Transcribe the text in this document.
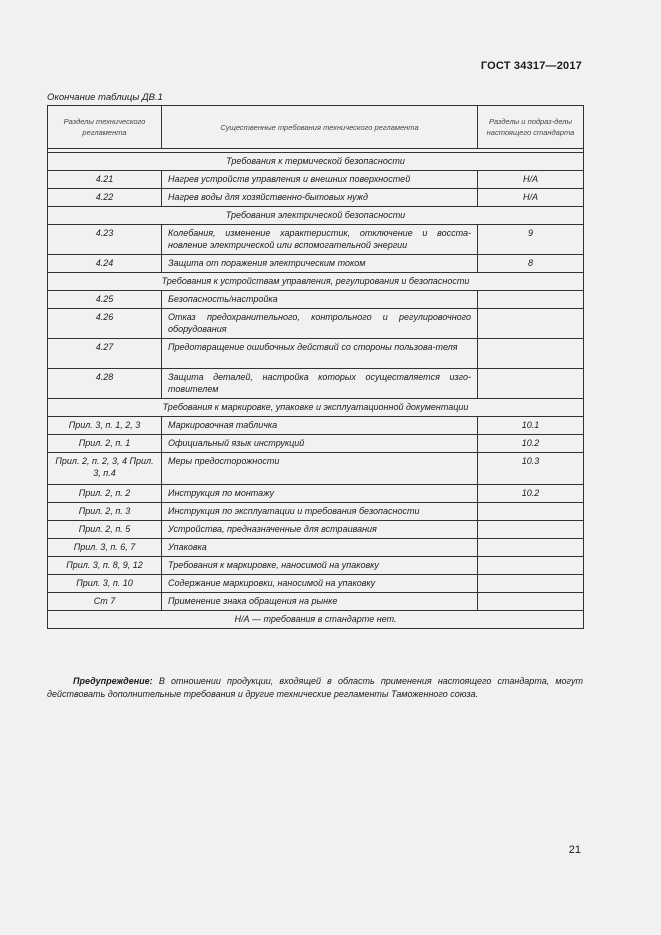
ГОСТ 34317—2017
Окончание таблицы ДВ.1
Разделы технического регламента	Существенные требования технического регламента	Разделы и подраз-делы настоящего стандарта

Требования к термической безопасности		
4.21	Нагрев устройств управления и внешних поверхностей	Н/А
4.22	Нагрев воды для хозяйственно-бытовых нужд	Н/А
Требования электрической безопасности		
4.23	Колебания, изменение характеристик, отключение и восста-новление электрической или вспомогательной энергии	9
4.24	Защита от поражения электрическим током	8
Требования к устройствам управления, регулирования и безопасности		
4.25	Безопасность/настройка	
4.26	Отказ предохранительного, контрольного и регулировочного оборудования	
4.27	Предотвращение ошибочных действий со стороны пользова-теля	
4.28	Защита деталей, настройка которых осуществляется изго-товителем	
Требования к маркировке, упаковке и эксплуатационной документации		
Прил. 3, п. 1, 2, 3	Маркировочная табличка	10.1
Прил. 2, п. 1	Официальный язык инструкций	10.2
Прил. 2, п. 2, 3, 4 Прил. 3, п.4	Меры предосторожности	10.3
Прил. 2, п. 2	Инструкция по монтажу	10.2
Прил. 2, п. 3	Инструкция по эксплуатации и требования безопасности	
Прил. 2, п. 5	Устройства, предназначенные для встраивания	
Прил. 3, п. 6, 7	Упаковка	
Прил. 3, п. 8, 9, 12	Требования к маркировке, наносимой на упаковку	
Прил. 3, п. 10	Содержание маркировки, наносимой на упаковку	
Ст 7	Применение знака обращения на рынке	
Н/А — требования в стандарте нет.		
Предупреждение: В отношении продукции, входящей в область применения настоящего стандарта, могут действовать дополнительные требования и другие технические регламенты Таможенного союза.
21
